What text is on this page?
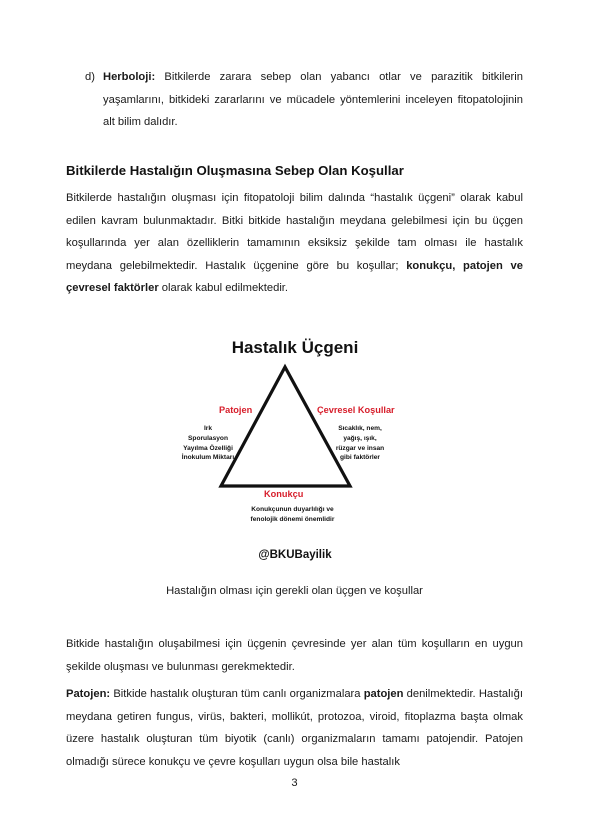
d) Herboloji: Bitkilerde zarara sebep olan yabancı otlar ve parazitik bitkilerin yaşamlarını, bitkideki zararlarını ve mücadele yöntemlerini inceleyen fitopatolojinin alt bilim dalıdır.
Bitkilerde Hastalığın Oluşmasına Sebep Olan Koşullar
Bitkilerde hastalığın oluşması için fitopatoloji bilim dalında “hastalık üçgeni” olarak kabul edilen kavram bulunmaktadır. Bitki bitkide hastalığın meydana gelebilmesi için bu üçgen koşullarında yer alan özelliklerin tamamının eksiksiz şekilde tam olması ile hastalık meydana gelebilmektedir. Hastalık üçgenine göre bu koşullar; konukçu, patojen ve çevresel faktörler olarak kabul edilmektedir.
Hastalık Üçgeni
Patojen
Irk
Sporulasyon
Yayılma Özelliği
İnokulum Miktarı
Çevresel Koşullar
Sıcaklık, nem,
yağış, ışık,
rüzgar ve insan
gibi faktörler
Konukçu
Konukçunun duyarlılığı ve
fenolojik dönemi önemlidir
@BKUBayilik
Hastalığın olması için gerekli olan üçgen ve koşullar
Bitkide hastalığın oluşabilmesi için üçgenin çevresinde yer alan tüm koşulların en uygun şekilde oluşması ve bulunması gerekmektedir.
Patojen: Bitkide hastalık oluşturan tüm canlı organizmalara patojen denilmektedir. Hastalığı meydana getiren fungus, virüs, bakteri, mollikút, protozoa, viroid, fitoplazma başta olmak üzere hastalık oluşturan tüm biyotik (canlı) organizmaların tamamı patojendir. Patojen olmadığı sürece konukçu ve çevre koşulları uygun olsa bile hastalık
3
